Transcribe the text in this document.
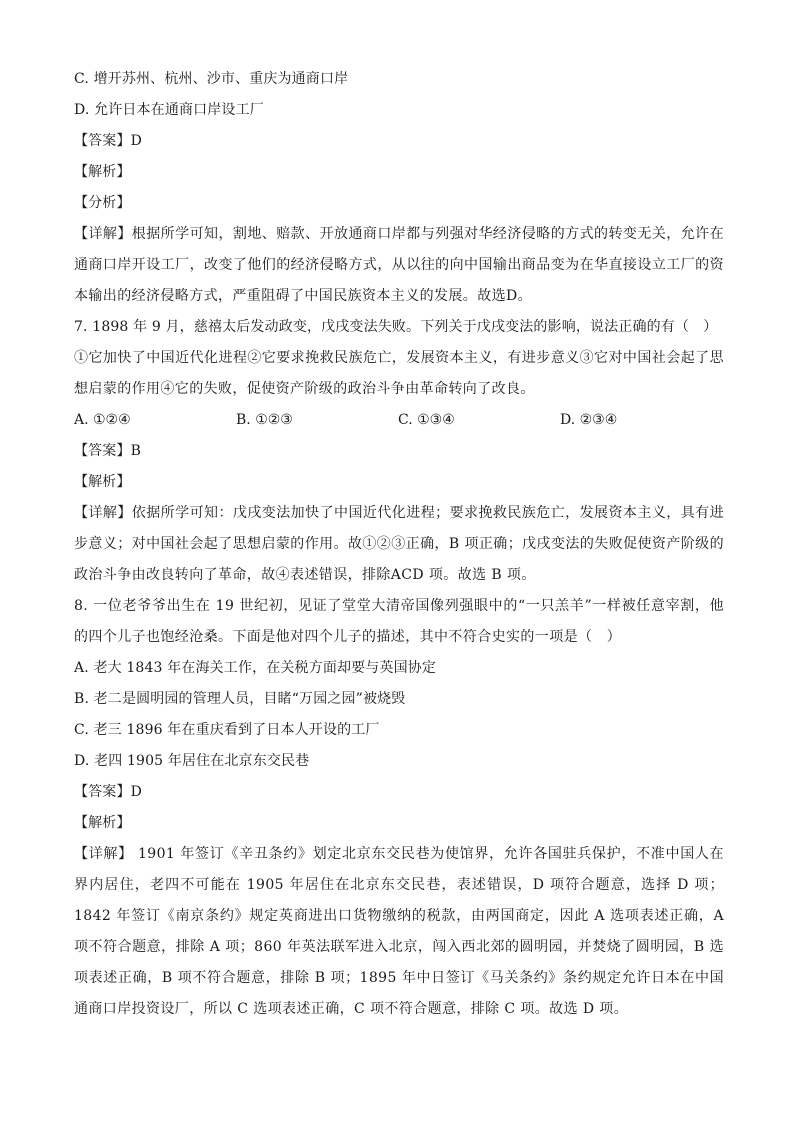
C. 增开苏州、杭州、沙市、重庆为通商口岸
D. 允许日本在通商口岸设工厂
【答案】D
【解析】
【分析】
【详解】根据所学可知，割地、赔款、开放通商口岸都与列强对华经济侵略的方式的转变无关，允许在通商口岸开设工厂，改变了他们的经济侵略方式，从以往的向中国输出商品变为在华直接设立工厂的资本输出的经济侵略方式，严重阻碍了中国民族资本主义的发展。故选D。
7. 1898 年 9 月，慈禧太后发动政变，戊戌变法失败。下列关于戊戌变法的影响，说法正确的有（　）
①它加快了中国近代化进程②它要求挽救民族危亡，发展资本主义，有进步意义③它对中国社会起了思想启蒙的作用④它的失败，促使资产阶级的政治斗争由革命转向了改良。
A. ①②④	B. ①②③	C. ①③④	D. ②③④
【答案】B
【解析】
【详解】依据所学可知：戊戌变法加快了中国近代化进程；要求挽救民族危亡，发展资本主义，具有进步意义；对中国社会起了思想启蒙的作用。故①②③正确，B 项正确；戊戌变法的失败促使资产阶级的政治斗争由改良转向了革命，故④表述错误，排除ACD 项。故选 B 项。
8. 一位老爷爷出生在 19 世纪初，见证了堂堂大清帝国像列强眼中的“一只羔羊”一样被任意宰割，他的四个儿子也饱经沧桑。下面是他对四个儿子的描述，其中不符合史实的一项是（　）
A. 老大 1843 年在海关工作，在关税方面却要与英国协定
B. 老二是圆明园的管理人员，目睹“万园之园”被烧毁
C. 老三 1896 年在重庆看到了日本人开设的工厂
D. 老四 1905 年居住在北京东交民巷
【答案】D
【解析】
【详解】 1901 年签订《辛丑条约》划定北京东交民巷为使馆界，允许各国驻兵保护，不准中国人在界内居住，老四不可能在 1905 年居住在北京东交民巷，表述错误，D 项符合题意，选择 D 项；1842 年签订《南京条约》规定英商进出口货物缴纳的税款，由两国商定，因此 A 选项表述正确，A 项不符合题意，排除 A 项；860 年英法联军进入北京，闯入西北郊的圆明园，并焚烧了圆明园，B 选项表述正确，B 项不符合题意，排除 B 项；1895 年中日签订《马关条约》条约规定允许日本在中国通商口岸投资设厂，所以 C 选项表述正确，C 项不符合题意，排除 C 项。故选 D 项。
